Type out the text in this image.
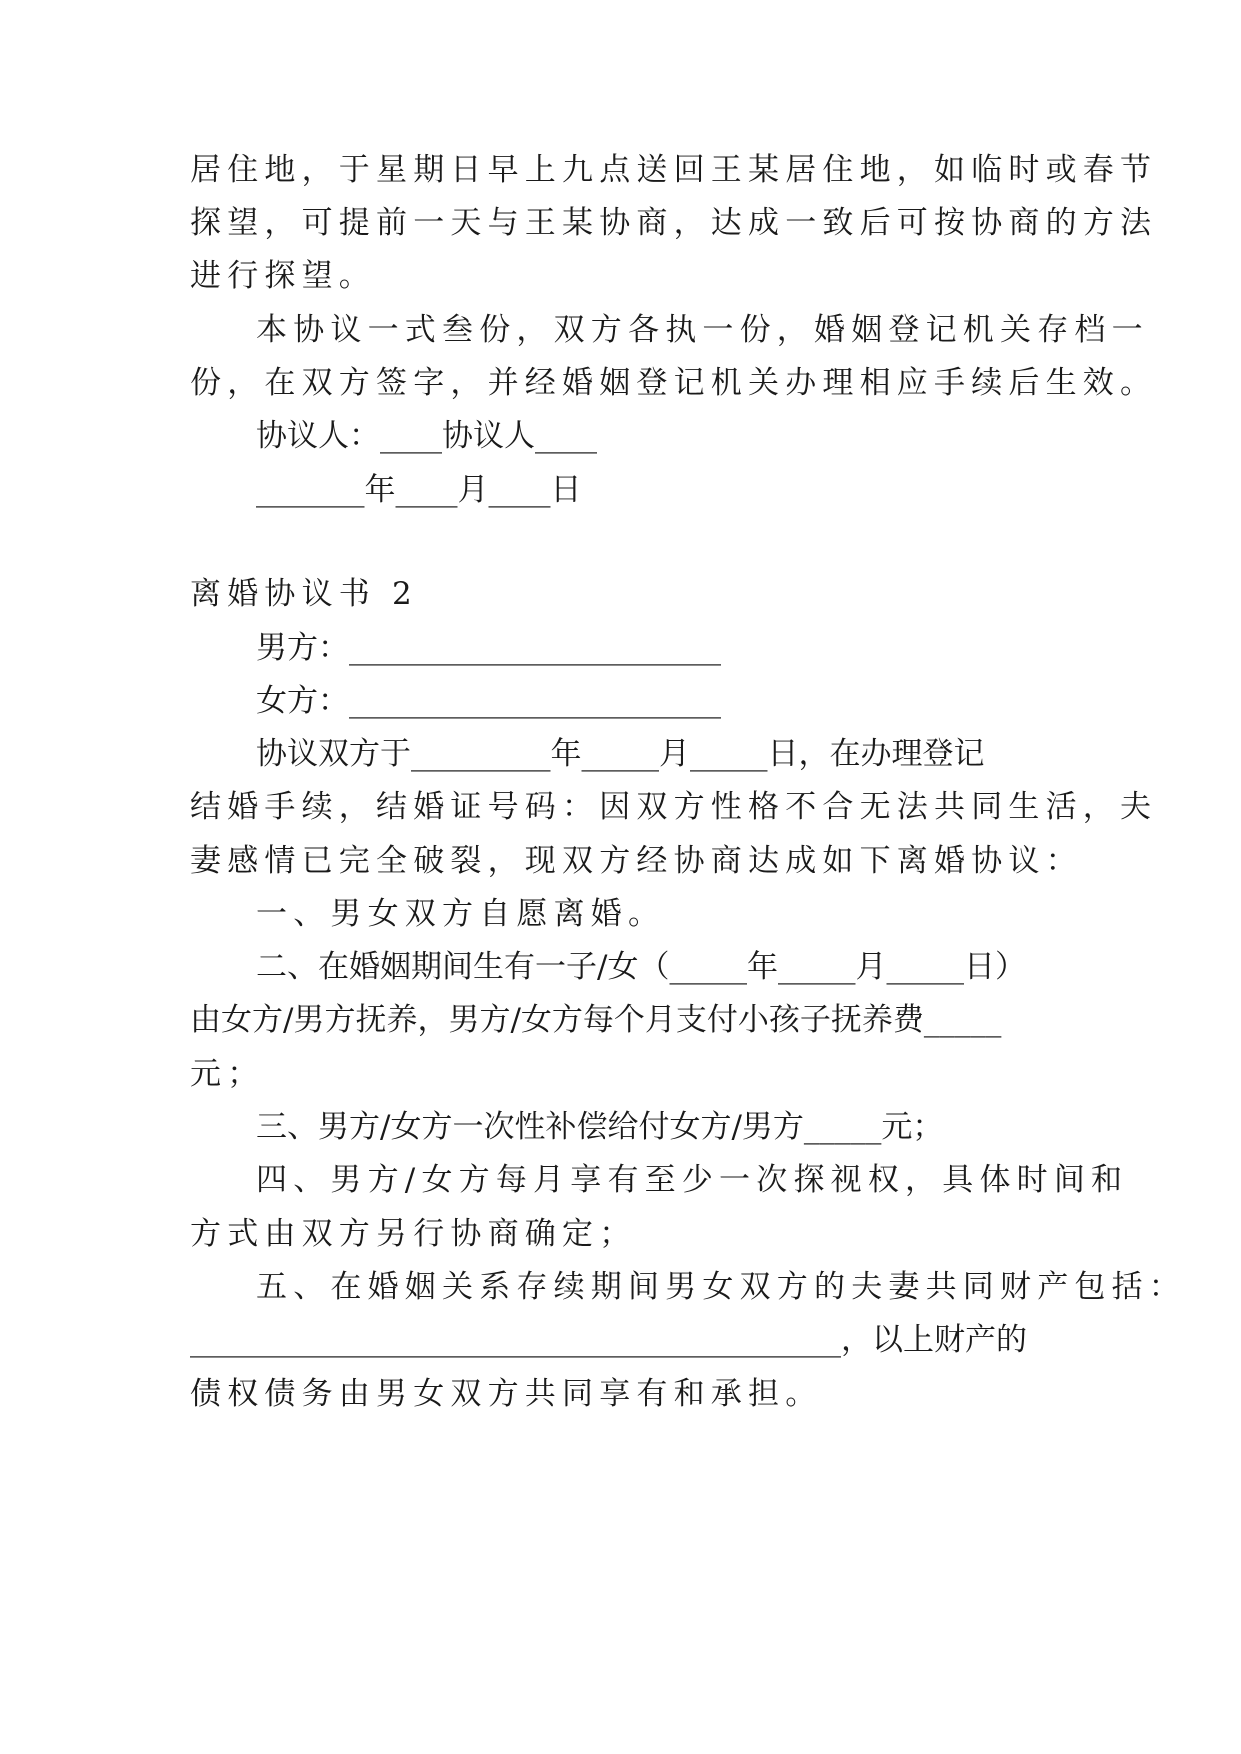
居住地，于星期日早上九点送回王某居住地，如临时或春节
探望，可提前一天与王某协商，达成一致后可按协商的方法
进行探望。
本协议一式叁份，双方各执一份，婚姻登记机关存档一
份，在双方签字，并经婚姻登记机关办理相应手续后生效。
协议人：____协议人____
_______年____月____日
离婚协议书 2
男方：________________________
女方：________________________
协议双方于_________年_____月_____日，在办理登记
结婚手续，结婚证号码：因双方性格不合无法共同生活，夫
妻感情已完全破裂，现双方经协商达成如下离婚协议：
一、男女双方自愿离婚。
二、在婚姻期间生有一子/女（_____年_____月_____日）
由女方/男方抚养，男方/女方每个月支付小孩子抚养费_____
元；
三、男方/女方一次性补偿给付女方/男方_____元；
四、男方/女方每月享有至少一次探视权，具体时间和
方式由双方另行协商确定；
五、在婚姻关系存续期间男女双方的夫妻共同财产包括：
__________________________________________，以上财产的
债权债务由男女双方共同享有和承担。
